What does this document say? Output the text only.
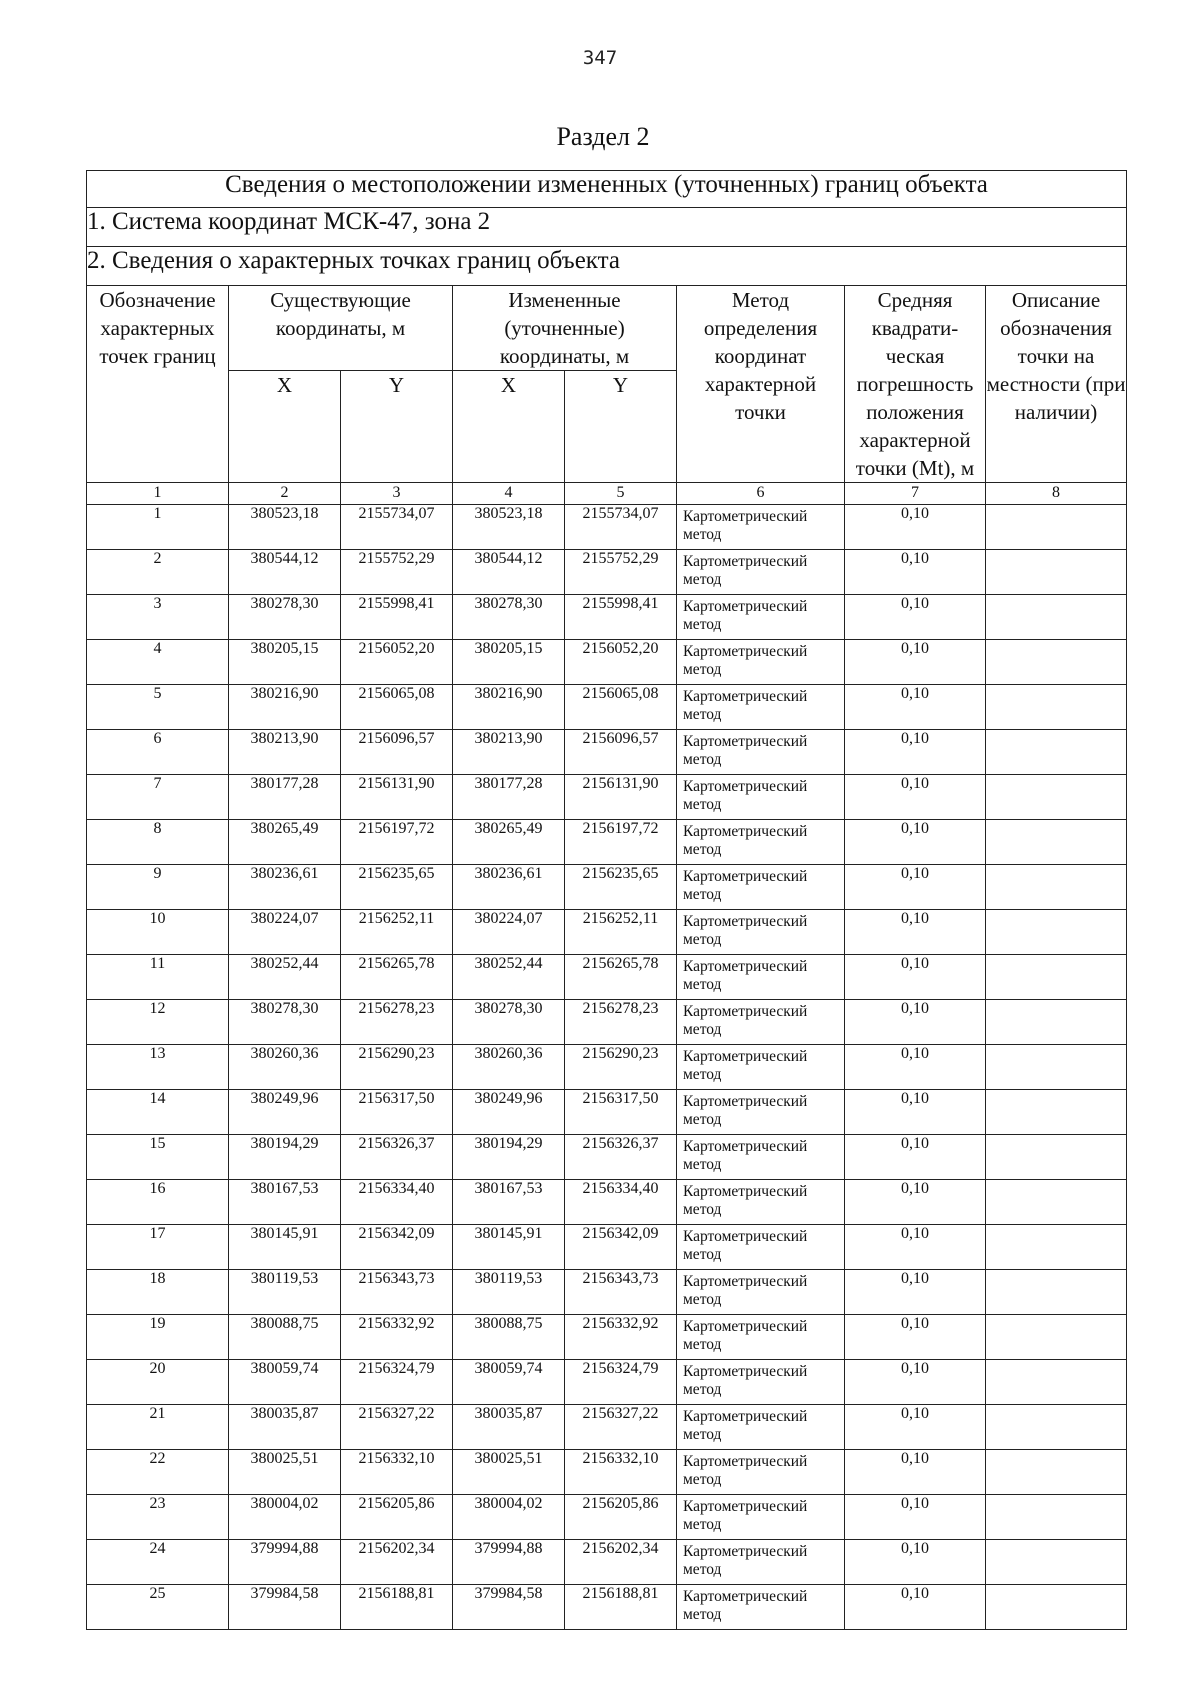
347
Раздел 2
Сведения о местоположении измененных (уточненных) границ объекта							
1. Система координат МСК-47, зона 2							
2. Сведения о характерных точках границ объекта							
Обозначение характерных точек границ	Существующие координаты, м		Измененные (уточненные) координаты, м		Метод определения координат характерной точки	Средняя квадрати-ческая погрешность положения характерной точки (Mt), м	Описание обозначения точки на местности (при наличии)
	X	Y	X	Y			
1	2	3	4	5	6	7	8
1	380523,18	2155734,07	380523,18	2155734,07	Картометрический метод	0,10	
2	380544,12	2155752,29	380544,12	2155752,29	Картометрический метод	0,10	
3	380278,30	2155998,41	380278,30	2155998,41	Картометрический метод	0,10	
4	380205,15	2156052,20	380205,15	2156052,20	Картометрический метод	0,10	
5	380216,90	2156065,08	380216,90	2156065,08	Картометрический метод	0,10	
6	380213,90	2156096,57	380213,90	2156096,57	Картометрический метод	0,10	
7	380177,28	2156131,90	380177,28	2156131,90	Картометрический метод	0,10	
8	380265,49	2156197,72	380265,49	2156197,72	Картометрический метод	0,10	
9	380236,61	2156235,65	380236,61	2156235,65	Картометрический метод	0,10	
10	380224,07	2156252,11	380224,07	2156252,11	Картометрический метод	0,10	
11	380252,44	2156265,78	380252,44	2156265,78	Картометрический метод	0,10	
12	380278,30	2156278,23	380278,30	2156278,23	Картометрический метод	0,10	
13	380260,36	2156290,23	380260,36	2156290,23	Картометрический метод	0,10	
14	380249,96	2156317,50	380249,96	2156317,50	Картометрический метод	0,10	
15	380194,29	2156326,37	380194,29	2156326,37	Картометрический метод	0,10	
16	380167,53	2156334,40	380167,53	2156334,40	Картометрический метод	0,10	
17	380145,91	2156342,09	380145,91	2156342,09	Картометрический метод	0,10	
18	380119,53	2156343,73	380119,53	2156343,73	Картометрический метод	0,10	
19	380088,75	2156332,92	380088,75	2156332,92	Картометрический метод	0,10	
20	380059,74	2156324,79	380059,74	2156324,79	Картометрический метод	0,10	
21	380035,87	2156327,22	380035,87	2156327,22	Картометрический метод	0,10	
22	380025,51	2156332,10	380025,51	2156332,10	Картометрический метод	0,10	
23	380004,02	2156205,86	380004,02	2156205,86	Картометрический метод	0,10	
24	379994,88	2156202,34	379994,88	2156202,34	Картометрический метод	0,10	
25	379984,58	2156188,81	379984,58	2156188,81	Картометрический метод	0,10	
